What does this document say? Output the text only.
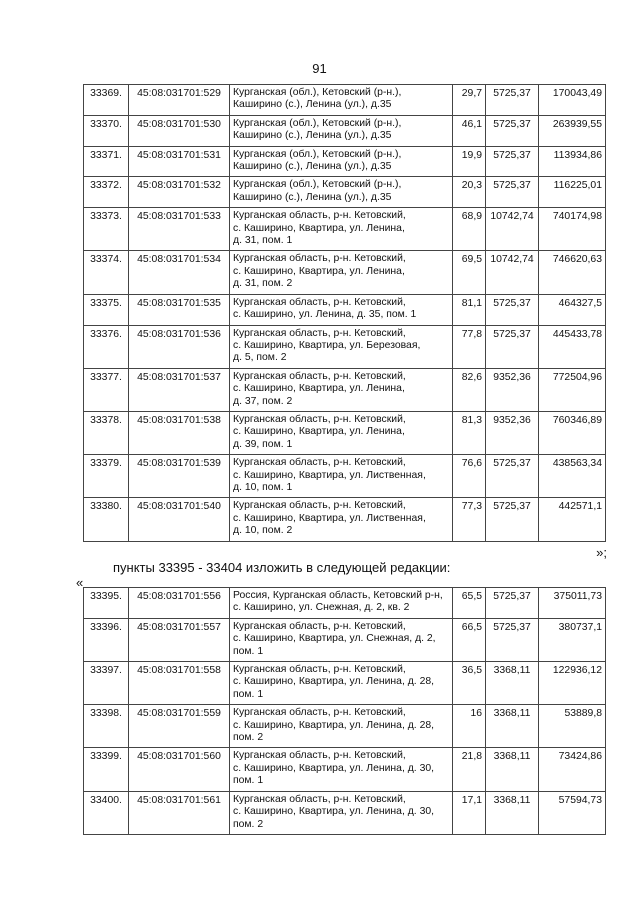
91
33369.	45:08:031701:529	Курганская (обл.), Кетовский (р-н.),
Каширино (с.), Ленина (ул.), д.35	29,7	5725,37	170043,49
33370.	45:08:031701:530	Курганская (обл.), Кетовский (р-н.),
Каширино (с.), Ленина (ул.), д.35	46,1	5725,37	263939,55
33371.	45:08:031701:531	Курганская (обл.), Кетовский (р-н.),
Каширино (с.), Ленина (ул.), д.35	19,9	5725,37	113934,86
33372.	45:08:031701:532	Курганская (обл.), Кетовский (р-н.),
Каширино (с.), Ленина (ул.), д.35	20,3	5725,37	116225,01
33373.	45:08:031701:533	Курганская область, р-н. Кетовский,
с. Каширино, Квартира, ул. Ленина,
д. 31, пом. 1	68,9	10742,74	740174,98
33374.	45:08:031701:534	Курганская область, р-н. Кетовский,
с. Каширино, Квартира, ул. Ленина,
д. 31, пом. 2	69,5	10742,74	746620,63
33375.	45:08:031701:535	Курганская область, р-н. Кетовский,
с. Каширино, ул. Ленина, д. 35, пом. 1	81,1	5725,37	464327,5
33376.	45:08:031701:536	Курганская область, р-н. Кетовский,
с. Каширино, Квартира, ул. Березовая,
д. 5, пом. 2	77,8	5725,37	445433,78
33377.	45:08:031701:537	Курганская область, р-н. Кетовский,
с. Каширино, Квартира, ул. Ленина,
д. 37, пом. 2	82,6	9352,36	772504,96
33378.	45:08:031701:538	Курганская область, р-н. Кетовский,
с. Каширино, Квартира, ул. Ленина,
д. 39, пом. 1	81,3	9352,36	760346,89
33379.	45:08:031701:539	Курганская область, р-н. Кетовский,
с. Каширино, Квартира, ул. Лиственная,
д. 10, пом. 1	76,6	5725,37	438563,34
33380.	45:08:031701:540	Курганская область, р-н. Кетовский,
с. Каширино, Квартира, ул. Лиственная,
д. 10, пом. 2	77,3	5725,37	442571,1
»;
пункты 33395 - 33404 изложить в следующей редакции:
«
33395.	45:08:031701:556	Россия, Курганская область, Кетовский р-н,
с. Каширино, ул. Снежная, д. 2, кв. 2	65,5	5725,37	375011,73
33396.	45:08:031701:557	Курганская область, р-н. Кетовский,
с. Каширино, Квартира, ул. Снежная, д. 2,
пом. 1	66,5	5725,37	380737,1
33397.	45:08:031701:558	Курганская область, р-н. Кетовский,
с. Каширино, Квартира, ул. Ленина, д. 28,
пом. 1	36,5	3368,11	122936,12
33398.	45:08:031701:559	Курганская область, р-н. Кетовский,
с. Каширино, Квартира, ул. Ленина, д. 28,
пом. 2	16	3368,11	53889,8
33399.	45:08:031701:560	Курганская область, р-н. Кетовский,
с. Каширино, Квартира, ул. Ленина, д. 30,
пом. 1	21,8	3368,11	73424,86
33400.	45:08:031701:561	Курганская область, р-н. Кетовский,
с. Каширино, Квартира, ул. Ленина, д. 30,
пом. 2	17,1	3368,11	57594,73
